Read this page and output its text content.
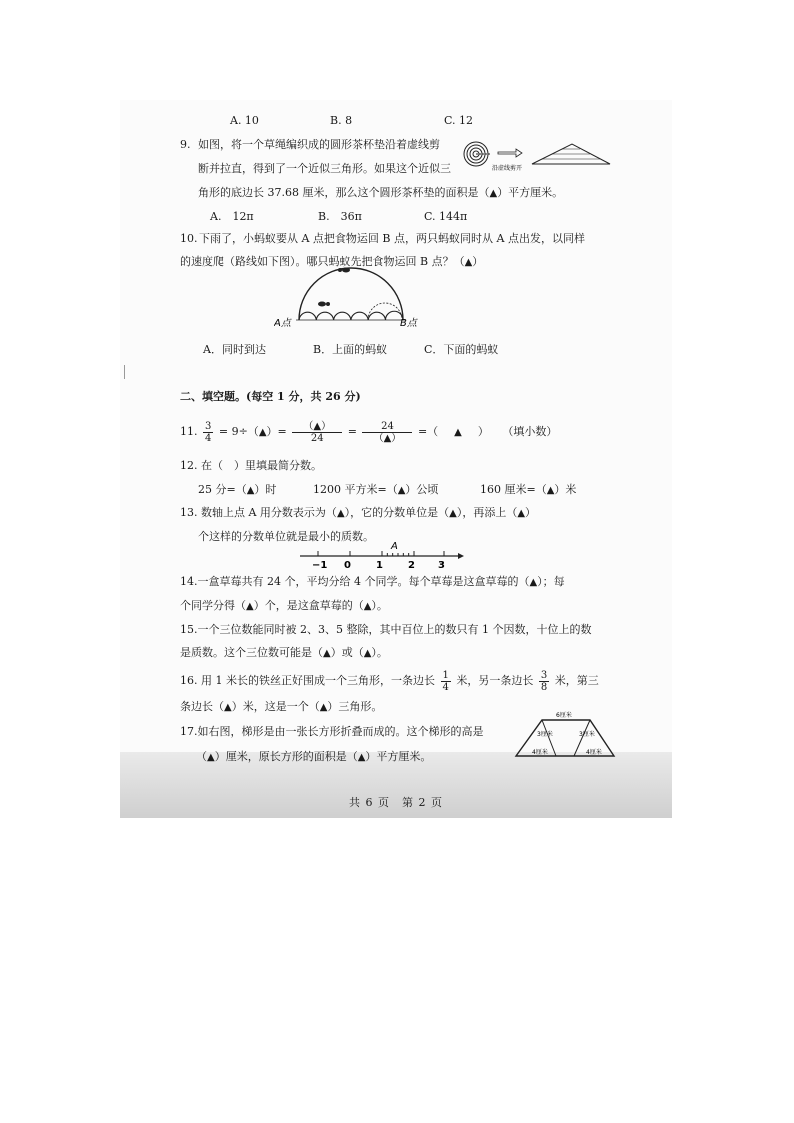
A. 10	B. 8	C. 12
9. 如图，将一个草绳编织成的圆形茶杯垫沿着虚线剪
断并拉直，得到了一个近似三角形。如果这个近似三
角形的底边长 37.68 厘米，那么这个圆形茶杯垫的面积是（▲）平方厘米。
A.　12π	B.　36π	C. 144π
沿虚线剪开
10. 下雨了，小蚂蚁要从 A 点把食物运回 B 点，两只蚂蚁同时从 A 点出发，以同样
的速度爬（路线如下图）。哪只蚂蚁先把食物运回 B 点？（▲）
A点	B点
A．同时到达	B．上面的蚂蚁	C．下面的蚂蚁
二、填空题。(每空 1 分，共 26 分)
11. $\frac{3}{4}$ = 9÷（▲）= $\frac{(▲)}{24} = \frac{24}{(▲)}$ =（ ▲ ） （填小数）
12. 在（　）里填最简分数。
25 分=（▲）时	1200 平方米=（▲）公顷	160 厘米=（▲）米
13. 数轴上点 A 用分数表示为（▲），它的分数单位是（▲），再添上（▲）
个这样的分数单位就是最小的质数。
A
−1 0	1	2 3
14.一盒草莓共有 24 个，平均分给 4 个同学。每个草莓是这盒草莓的（▲）；每
个同学分得（▲）个，是这盒草莓的（▲）。
15.一个三位数能同时被 2、3、5 整除，其中百位上的数只有 1 个因数，十位上的数
是质数。这个三位数可能是（▲）或（▲）。
16. 用 1 米长的铁丝正好围成一个三角形，一条边长 $\frac{1}{4}$ 米，另一条边长 $\frac{3}{8}$ 米，第三
条边长（▲）米，这是一个（▲）三角形。
17.如右图，梯形是由一张长方形折叠而成的。这个梯形的高是
（▲）厘米，原长方形的面积是（▲）平方厘米。
6厘米
3厘米	3厘米
4厘米	4厘米
共 6 页　第 2 页
